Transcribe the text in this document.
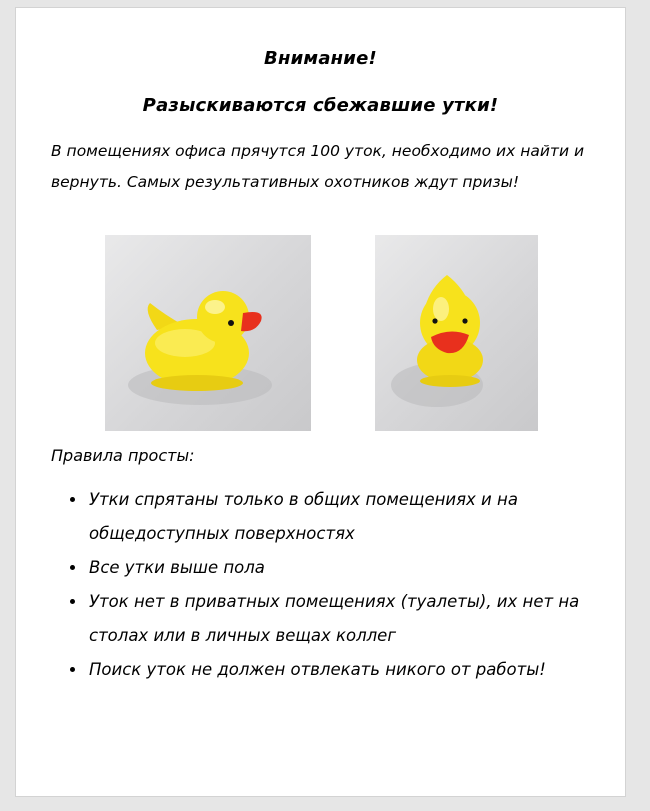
Внимание!
Разыскиваются сбежавшие утки!

В помещениях офиса прячутся 100 уток, необходимо их найти и вернуть. Самых результативных охотников ждут призы!

Правила просты:

• Утки спрятаны только в общих помещениях и на общедоступных поверхностях
• Все утки выше пола
• Уток нет в приватных помещениях (туалеты), их нет на столах или в личных вещах коллег
• Поиск уток не должен отвлекать никого от работы!
